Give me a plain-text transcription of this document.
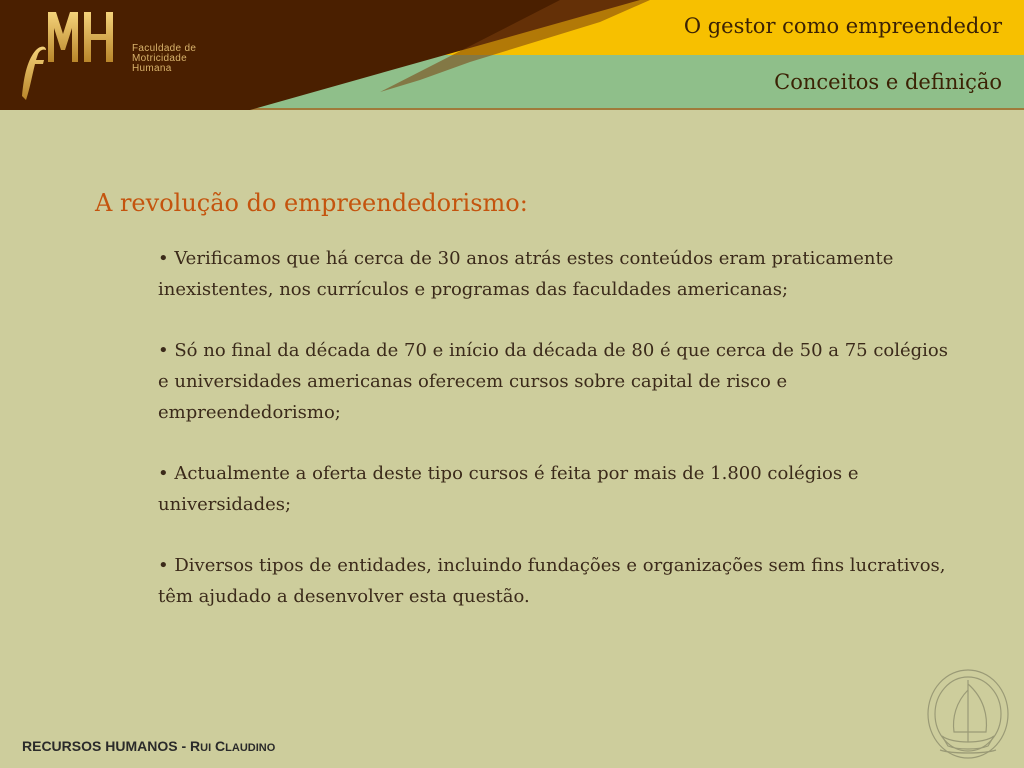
Faculdade de
Motricidade
Humana
O gestor como empreendedor
Conceitos e definição
A revolução do empreendedorismo:

• Verificamos que há cerca de 30 anos atrás estes conteúdos eram praticamente inexistentes, nos currículos e programas das faculdades americanas;

• Só no final da década de 70 e início da década de 80 é que cerca de 50 a 75 colégios e universidades americanas oferecem cursos sobre capital de risco e empreendedorismo;

• Actualmente a oferta deste tipo cursos é feita por mais de 1.800 colégios e universidades;

• Diversos tipos de entidades, incluindo fundações e organizações sem fins lucrativos, têm ajudado a desenvolver esta questão.

RECURSOS HUMANOS - RUI CLAUDINO
